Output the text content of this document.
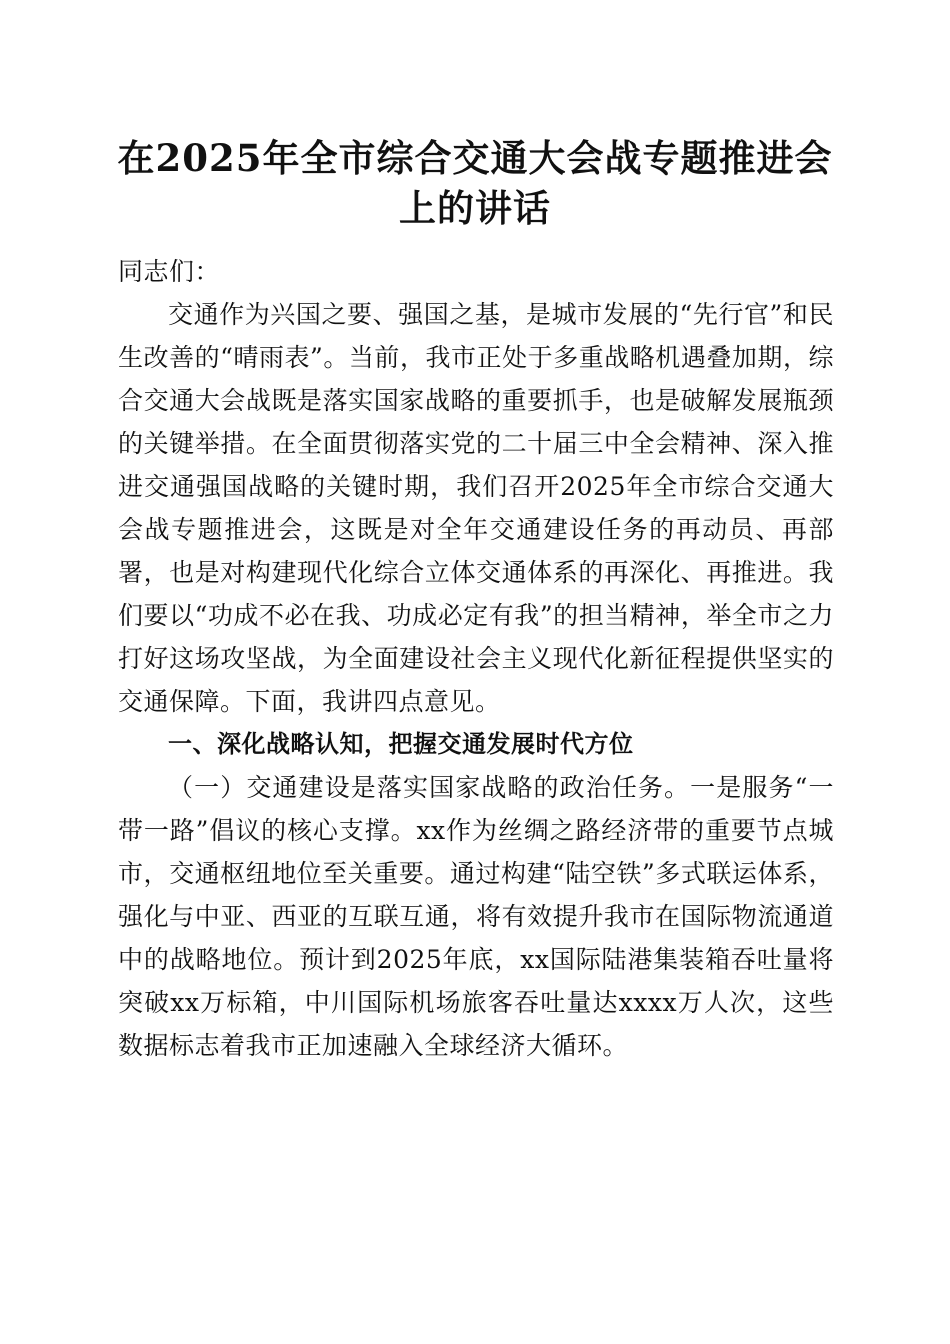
在2025年全市综合交通大会战专题推进会上的讲话

同志们：

交通作为兴国之要、强国之基，是城市发展的“先行官”和民生改善的“晴雨表”。当前，我市正处于多重战略机遇叠加期，综合交通大会战既是落实国家战略的重要抓手，也是破解发展瓶颈的关键举措。在全面贯彻落实党的二十届三中全会精神、深入推进交通强国战略的关键时期，我们召开2025年全市综合交通大会战专题推进会，这既是对全年交通建设任务的再动员、再部署，也是对构建现代化综合立体交通体系的再深化、再推进。我们要以“功成不必在我、功成必定有我”的担当精神，举全市之力打好这场攻坚战，为全面建设社会主义现代化新征程提供坚实的交通保障。下面，我讲四点意见。

一、深化战略认知，把握交通发展时代方位

（一）交通建设是落实国家战略的政治任务。一是服务“一带一路”倡议的核心支撑。xx作为丝绸之路经济带的重要节点城市，交通枢纽地位至关重要。通过构建“陆空铁”多式联运体系，强化与中亚、西亚的互联互通，将有效提升我市在国际物流通道中的战略地位。预计到2025年底，xx国际陆港集装箱吞吐量将突破xx万标箱，中川国际机场旅客吞吐量达xxxx万人次，这些数据标志着我市正加速融入全球经济大循环。
